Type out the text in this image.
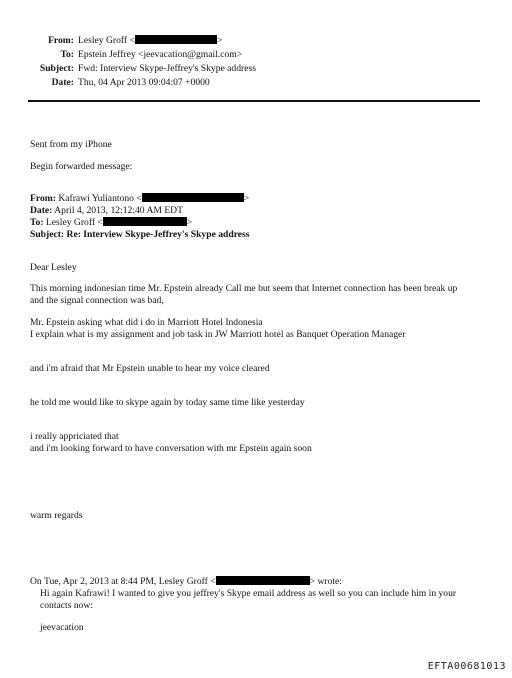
From: Lesley Groff <	>
To: Epstein Jeffrey <jeevacation@gmail.com>
Subject: Fwd: Interview Skype-Jeffrey's Skype address
Date: Thu, 04 Apr 2013 09:04:07 +0000
Sent from my iPhone
Begin forwarded message:
From: Kafrawi Yuliantono <	>
Date: April 4, 2013, 12:12:40 AM EDT
To: Lesley Groff <	>
Subject: Re: Interview Skype-Jeffrey's Skype address
Dear Lesley
This morning indonesian time Mr. Epstein already Call me but seem that Internet connection has been break up
and the signal connection was bad,
Mr. Epstein asking what did i do in Marriott Hotel Indonesia
I explain what is my assignment and job task in JW Marriott hotel as Banquet Operation Manager
and i'm afraid that Mr Epstein unable to hear my voice cleared
he told me would like to skype again by today same time like yesterday
i really appriciated that
and i'm looking forward to have conversation with mr Epstein again soon
warm regards
On Tue, Apr 2, 2013 at 8:44 PM, Lesley Groff <	> wrote:
Hi again Kafrawi! I wanted to give you jeffrey's Skype email address as well so you can include him in your
contacts now:
jeevacation
EFTA00681013
